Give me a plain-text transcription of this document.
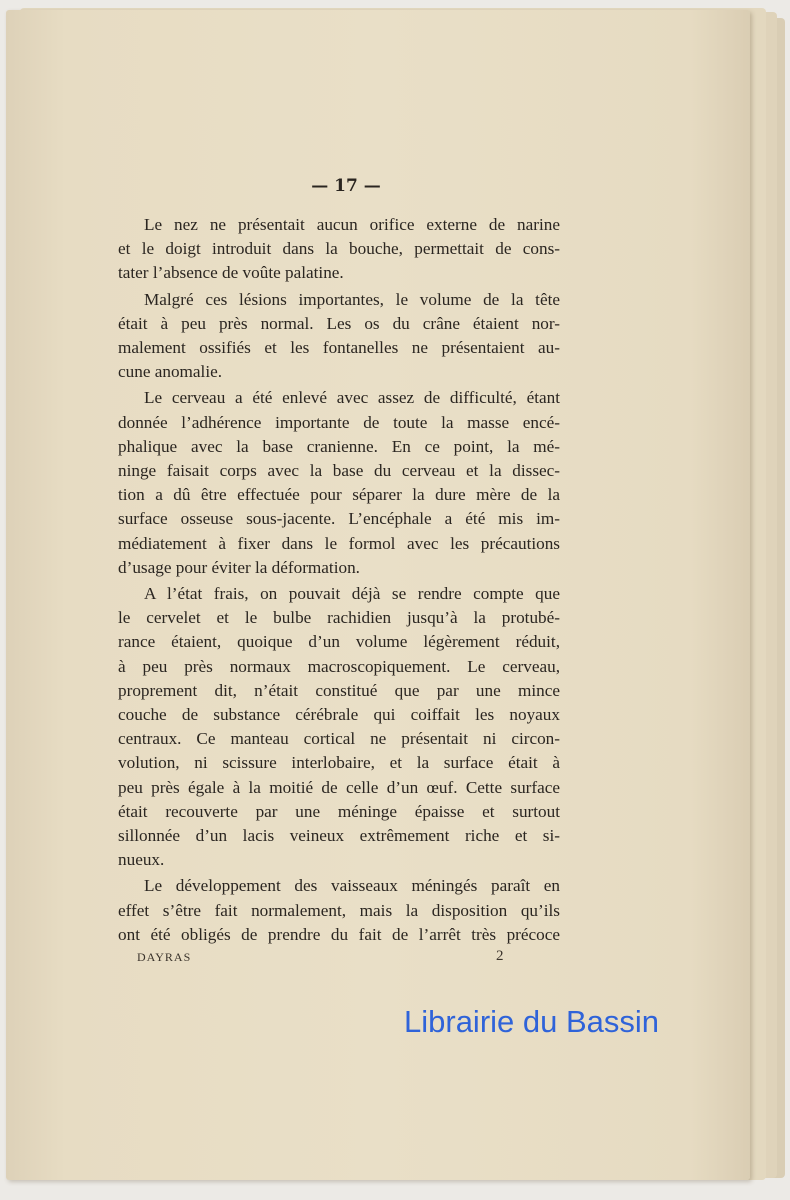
— 17 —
Le nez ne présentait aucun orifice externe de narine
et le doigt introduit dans la bouche, permettait de cons-
tater l’absence de voûte palatine.
Malgré ces lésions importantes, le volume de la tête
était à peu près normal. Les os du crâne étaient nor-
malement ossifiés et les fontanelles ne présentaient au-
cune anomalie.
Le cerveau a été enlevé avec assez de difficulté, étant
donnée l’adhérence importante de toute la masse encé-
phalique avec la base cranienne. En ce point, la mé-
ninge faisait corps avec la base du cerveau et la dissec-
tion a dû être effectuée pour séparer la dure mère de la
surface osseuse sous-jacente. L’encéphale a été mis im-
médiatement à fixer dans le formol avec les précautions
d’usage pour éviter la déformation.
A l’état frais, on pouvait déjà se rendre compte que
le cervelet et le bulbe rachidien jusqu’à la protubé-
rance étaient, quoique d’un volume légèrement réduit,
à peu près normaux macroscopiquement. Le cerveau,
proprement dit, n’était constitué que par une mince
couche de substance cérébrale qui coiffait les noyaux
centraux. Ce manteau cortical ne présentait ni circon-
volution, ni scissure interlobaire, et la surface était à
peu près égale à la moitié de celle d’un œuf. Cette surface
était recouverte par une méninge épaisse et surtout
sillonnée d’un lacis veineux extrêmement riche et si-
nueux.
Le développement des vaisseaux méningés paraît en
effet s’être fait normalement, mais la disposition qu’ils
ont été obligés de prendre du fait de l’arrêt très précoce
DAYRAS	2
Librairie du Bassin
